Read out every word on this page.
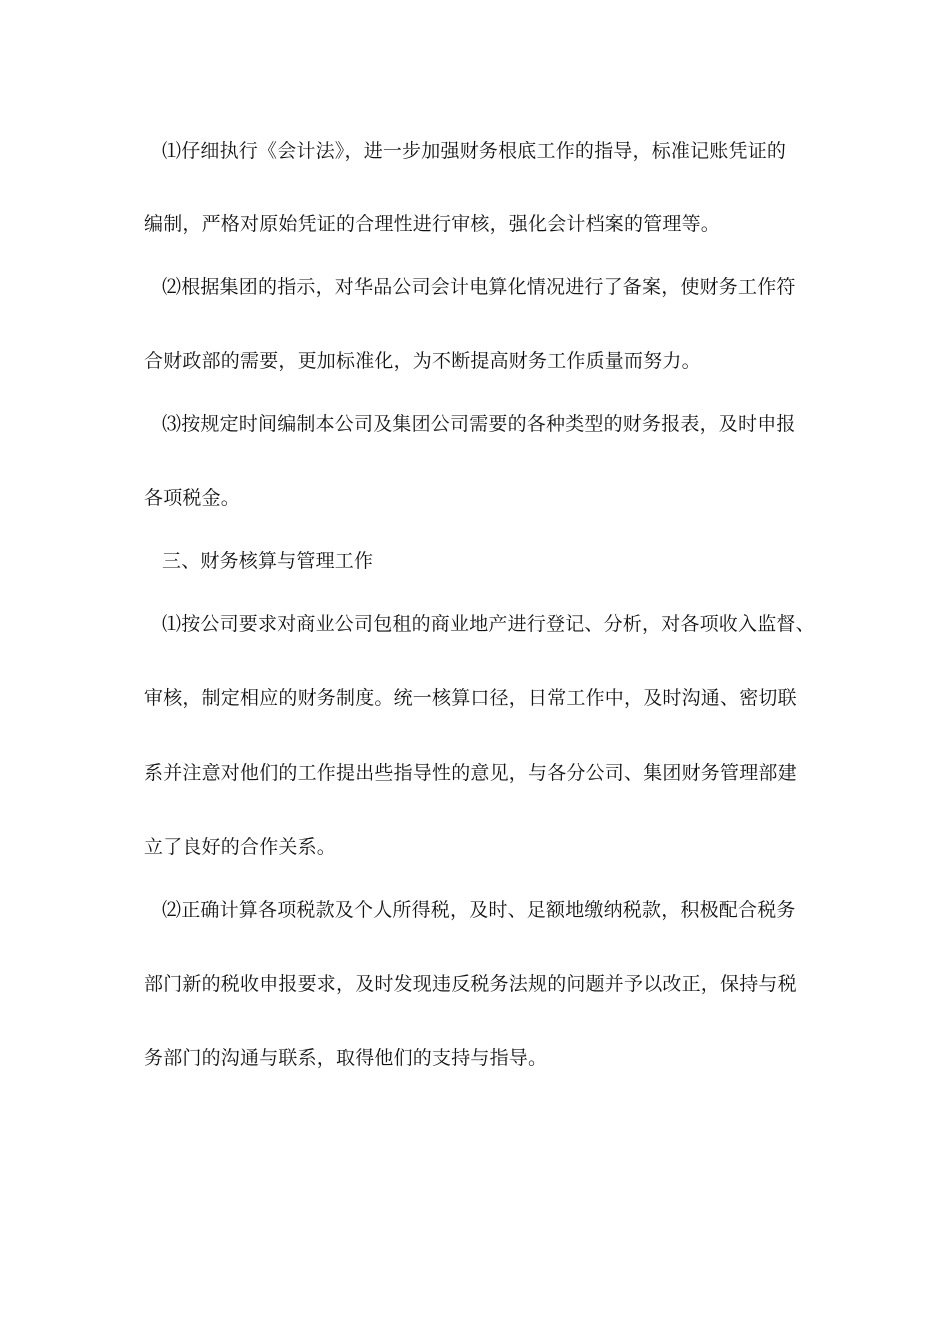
⑴仔细执行《会计法》，进一步加强财务根底工作的指导，标准记账凭证的
编制，严格对原始凭证的合理性进行审核，强化会计档案的管理等。
⑵根据集团的指示，对华品公司会计电算化情况进行了备案，使财务工作符
合财政部的需要，更加标准化，为不断提高财务工作质量而努力。
⑶按规定时间编制本公司及集团公司需要的各种类型的财务报表，及时申报
各项税金。
三、财务核算与管理工作
⑴按公司要求对商业公司包租的商业地产进行登记、分析，对各项收入监督、
审核，制定相应的财务制度。统一核算口径，日常工作中，及时沟通、密切联
系并注意对他们的工作提出些指导性的意见，与各分公司、集团财务管理部建
立了良好的合作关系。
⑵正确计算各项税款及个人所得税，及时、足额地缴纳税款，积极配合税务
部门新的税收申报要求，及时发现违反税务法规的问题并予以改正，保持与税
务部门的沟通与联系，取得他们的支持与指导。
